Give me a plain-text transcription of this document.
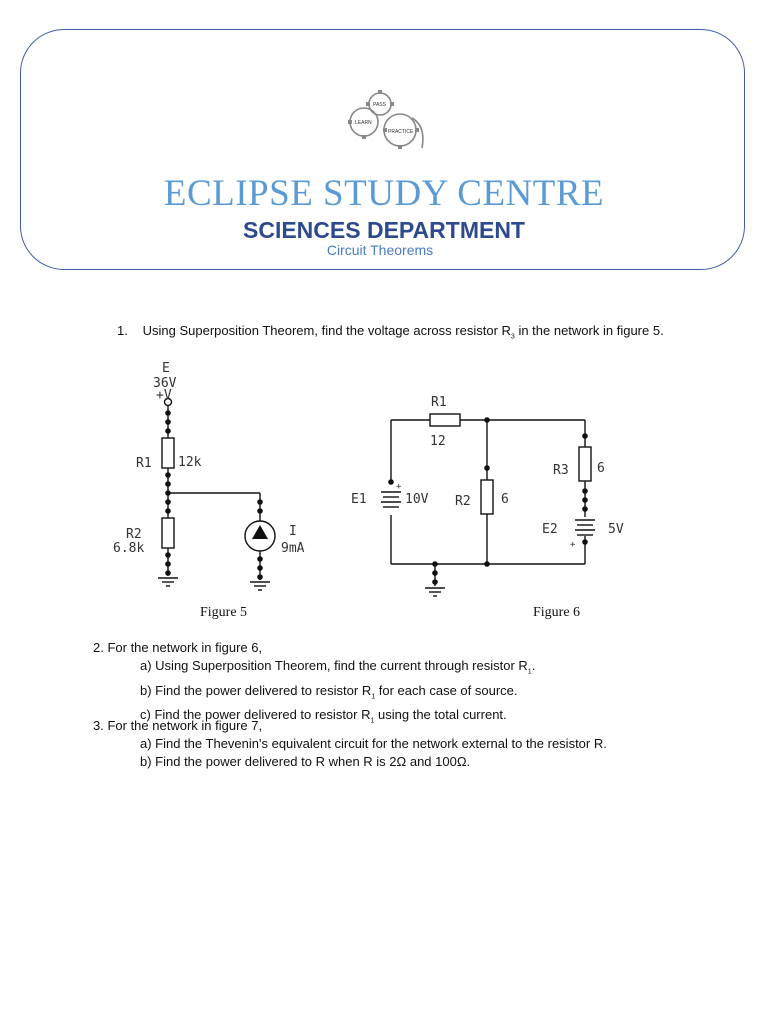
PASS
LEARN
PRACTICE
ECLIPSE STUDY CENTRE
SCIENCES DEPARTMENT
Circuit Theorems
1. Using Superposition Theorem, find the voltage across resistor $R_3$ in the network in figure 5.
E
36V
+V
R1 12k
R2
6.8k
I
9mA
Figure 5
+
+
R1
12
E1	10V R2 6
R3 6
E2	5V
Figure 6
2. For the network in figure 6,
a) Using Superposition Theorem, find the current through resistor $R_1$.
b) Find the power delivered to resistor $R_1$ for each case of source.
c) Find the power delivered to resistor $R_1$ using the total current.
3. For the network in figure 7,
a) Find the Thevenin's equivalent circuit for the network external to the resistor R.
b) Find the power delivered to R when R is 2Ω and 100Ω.
